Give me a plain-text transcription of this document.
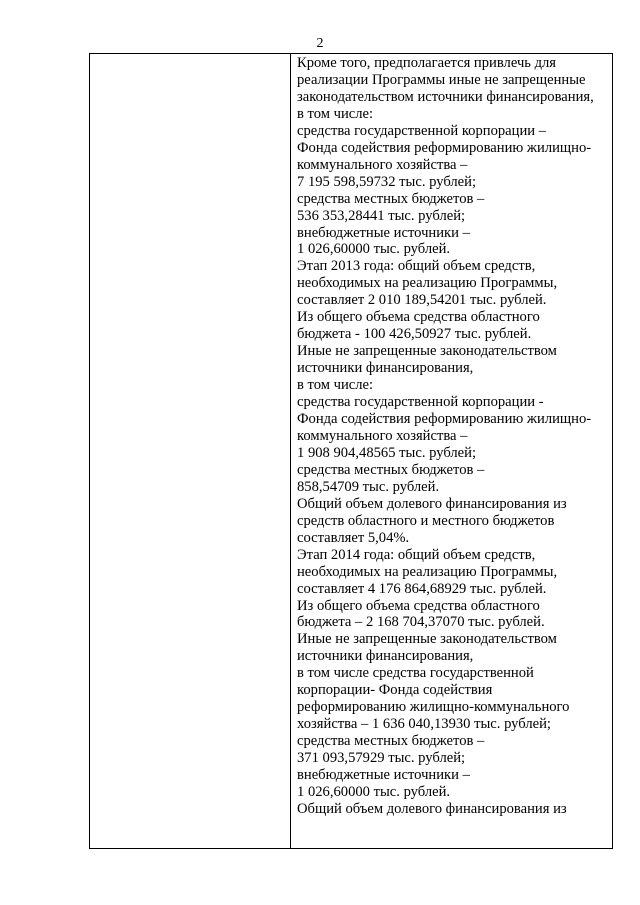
2
Кроме того, предполагается привлечь для
реализации Программы иные не запрещенные
законодательством источники финансирования,
в том числе:
средства государственной корпорации –
Фонда содействия реформированию жилищно-
коммунального хозяйства –
7 195 598,59732 тыс. рублей;
средства местных бюджетов –
536 353,28441 тыс. рублей;
внебюджетные источники –
1 026,60000 тыс. рублей.
Этап 2013 года: общий объем средств,
необходимых на реализацию Программы,
составляет 2 010 189,54201 тыс. рублей.
Из общего объема средства областного
бюджета - 100 426,50927 тыс. рублей.
Иные не запрещенные законодательством
источники финансирования,
в том числе:
средства государственной корпорации -
Фонда содействия реформированию жилищно-
коммунального хозяйства –
1 908 904,48565 тыс. рублей;
средства местных бюджетов –
858,54709 тыс. рублей.
Общий объем долевого финансирования из
средств областного и местного бюджетов
составляет 5,04%.
Этап 2014 года: общий объем средств,
необходимых на реализацию Программы,
составляет 4 176 864,68929 тыс. рублей.
Из общего объема средства областного
бюджета – 2 168 704,37070 тыс. рублей.
Иные не запрещенные законодательством
источники финансирования,
в том числе средства государственной
корпорации- Фонда содействия
реформированию жилищно-коммунального
хозяйства – 1 636 040,13930 тыс. рублей;
средства местных бюджетов –
371 093,57929 тыс. рублей;
внебюджетные источники –
1 026,60000 тыс. рублей.
Общий объем долевого финансирования из
